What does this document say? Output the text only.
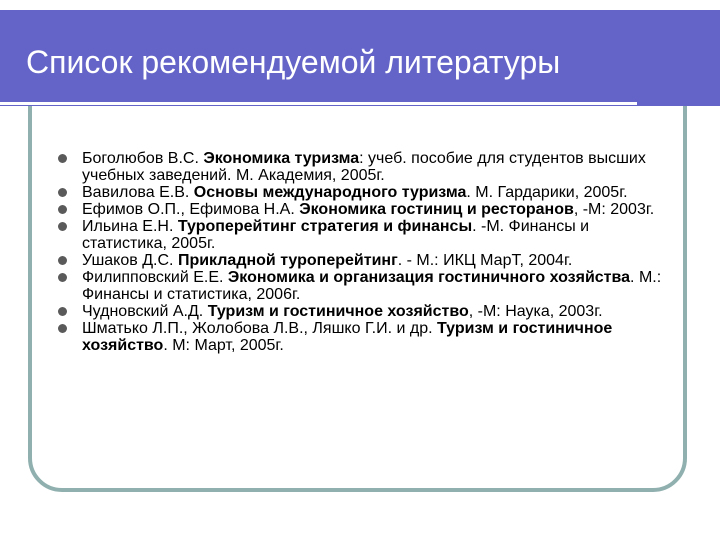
Список рекомендуемой литературы
Боголюбов В.С. Экономика туризма: учеб. пособие для студентов высших учебных заведений. М. Академия, 2005г.
Вавилова Е.В. Основы международного туризма. М. Гардарики, 2005г.
Ефимов О.П., Ефимова Н.А. Экономика гостиниц и ресторанов, -М: 2003г.
Ильина Е.Н. Туроперейтинг стратегия и финансы. -М. Финансы и статистика, 2005г.
Ушаков Д.С. Прикладной туроперейтинг. - М.: ИКЦ МарТ, 2004г.
Филипповский Е.Е. Экономика и организация гостиничного хозяйства. М.: Финансы и статистика, 2006г.
Чудновский А.Д. Туризм и гостиничное хозяйство, -М: Наука, 2003г.
Шматько Л.П., Жолобова Л.В., Ляшко Г.И. и др. Туризм и гостиничное хозяйство. М: Март, 2005г.
